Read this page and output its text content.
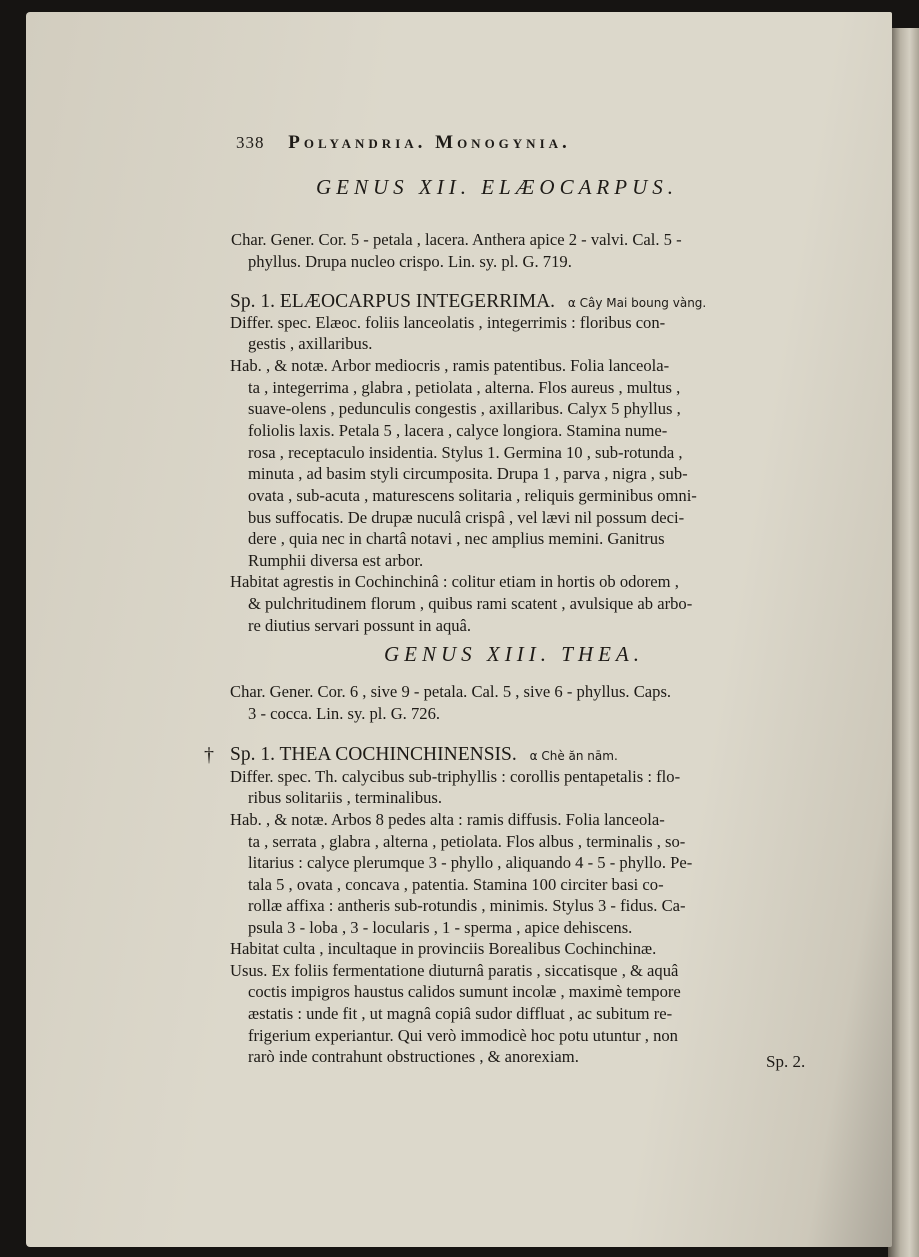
338 Polyandria. Monogynia.
GENUS XII. ELÆOCARPUS.
Char. Gener. Cor. 5 - petala , lacera. Anthera apice 2 - valvi. Cal. 5 -
phyllus. Drupa nucleo crispo. Lin. sy. pl. G. 719.
Sp. 1. ELÆOCARPUS INTEGERRIMA. α Cây Mai boung vàng.
Differ. spec. Elæoc. foliis lanceolatis , integerrimis : floribus con-
gestis , axillaribus.
Hab. , & notæ. Arbor mediocris , ramis patentibus. Folia lanceola-
ta , integerrima , glabra , petiolata , alterna. Flos aureus , multus ,
suave-olens , pedunculis congestis , axillaribus. Calyx 5 phyllus ,
foliolis laxis. Petala 5 , lacera , calyce longiora. Stamina nume-
rosa , receptaculo insidentia. Stylus 1. Germina 10 , sub-rotunda ,
minuta , ad basim styli circumposita. Drupa 1 , parva , nigra , sub-
ovata , sub-acuta , maturescens solitaria , reliquis germinibus omni-
bus suffocatis. De drupæ nuculâ crispâ , vel lævi nil possum deci-
dere , quia nec in chartâ notavi , nec amplius memini. Ganitrus
Rumphii diversa est arbor.
Habitat agrestis in Cochinchinâ : colitur etiam in hortis ob odorem ,
& pulchritudinem florum , quibus rami scatent , avulsique ab arbo-
re diutius servari possunt in aquâ.
GENUS XIII. THEA.
Char. Gener. Cor. 6 , sive 9 - petala. Cal. 5 , sive 6 - phyllus. Caps.
3 - cocca. Lin. sy. pl. G. 726.
† Sp. 1. THEA COCHINCHINENSIS. α Chè ăn nām.
Differ. spec. Th. calycibus sub-triphyllis : corollis pentapetalis : flo-
ribus solitariis , terminalibus.
Hab. , & notæ. Arbos 8 pedes alta : ramis diffusis. Folia lanceola-
ta , serrata , glabra , alterna , petiolata. Flos albus , terminalis , so-
litarius : calyce plerumque 3 - phyllo , aliquando 4 - 5 - phyllo. Pe-
tala 5 , ovata , concava , patentia. Stamina 100 circiter basi co-
rollæ affixa : antheris sub-rotundis , minimis. Stylus 3 - fidus. Ca-
psula 3 - loba , 3 - locularis , 1 - sperma , apice dehiscens.
Habitat culta , incultaque in provinciis Borealibus Cochinchinæ.
Usus. Ex foliis fermentatione diuturnâ paratis , siccatisque , & aquâ
coctis impigros haustus calidos sumunt incolæ , maximè tempore
æstatis : unde fit , ut magnâ copiâ sudor diffluat , ac subitum re-
frigerium experiantur. Qui verò immodicè hoc potu utuntur , non
rarò inde contrahunt obstructiones , & anorexiam.	Sp. 2.
